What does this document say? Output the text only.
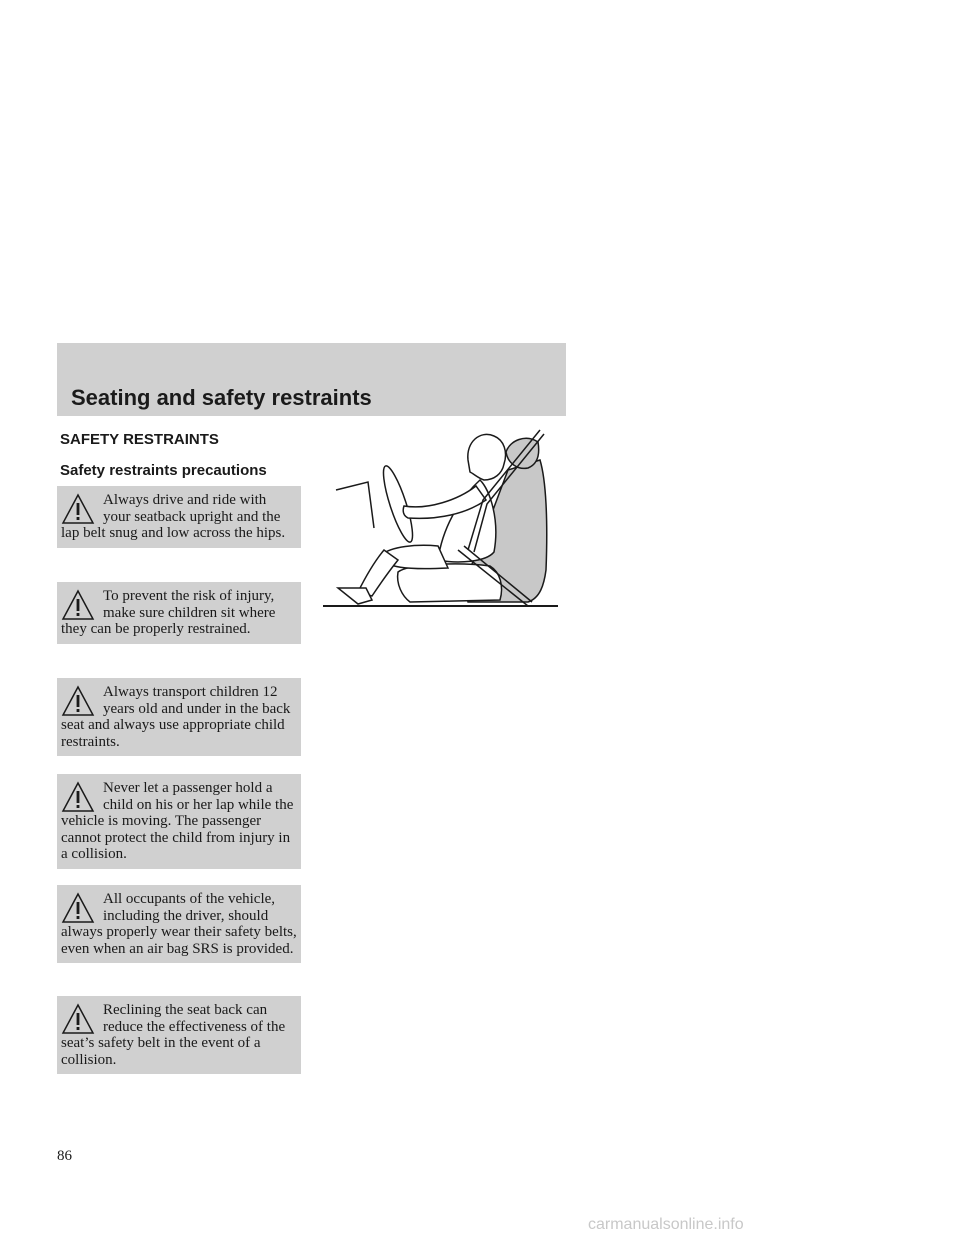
Seating and safety restraints
SAFETY RESTRAINTS
Safety restraints precautions
Always drive and ride with your seatback upright and the lap belt snug and low across the hips.
To prevent the risk of injury, make sure children sit where they can be properly restrained.
Always transport children 12 years old and under in the back seat and always use appropriate child restraints.
Never let a passenger hold a child on his or her lap while the vehicle is moving. The passenger cannot protect the child from injury in a collision.
All occupants of the vehicle, including the driver, should always properly wear their safety belts, even when an air bag SRS is provided.
Reclining the seat back can reduce the effectiveness of the seat’s safety belt in the event of a collision.
86
carmanualsonline.info
